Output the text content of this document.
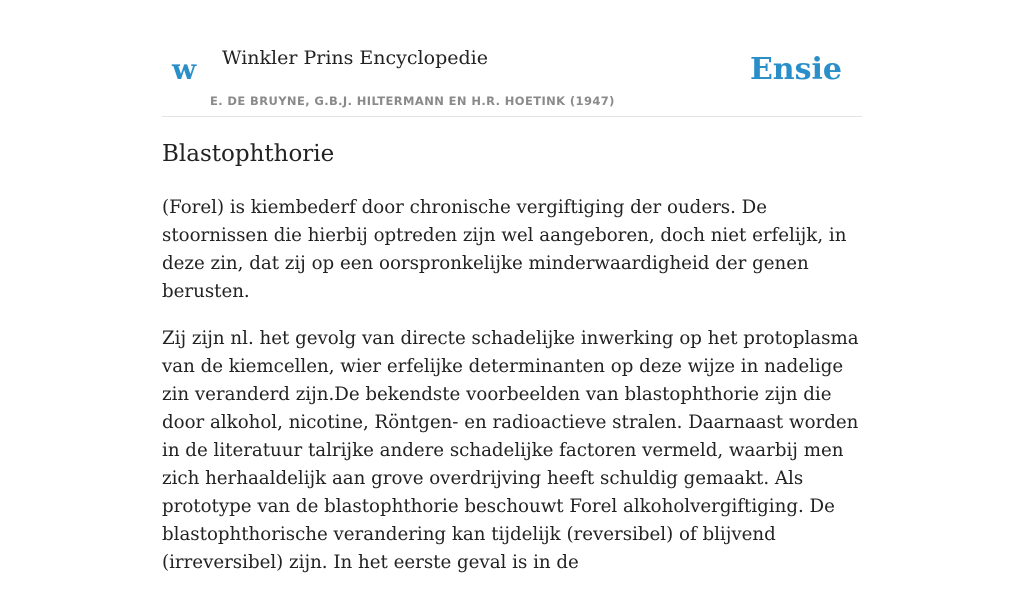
w Winkler Prins Encyclopedie
E. DE BRUYNE, G.B.J. HILTERMANN EN H.R. HOETINK (1947)
Ensie
Blastophthorie

(Forel) is kiembederf door chronische vergiftiging der ouders. De stoornissen die hierbij optreden zijn wel aangeboren, doch niet erfelijk, in deze zin, dat zij op een oorspronkelijke minderwaardigheid der genen berusten.

Zij zijn nl. het gevolg van directe schadelijke inwerking op het protoplasma van de kiemcellen, wier erfelijke determinanten op deze wijze in nadelige zin veranderd zijn.De bekendste voorbeelden van blastophthorie zijn die door alkohol, nicotine, Röntgen- en radioactieve stralen. Daarnaast worden in de literatuur talrijke andere schadelijke factoren vermeld, waarbij men zich herhaaldelijk aan grove overdrijving heeft schuldig gemaakt. Als prototype van de blastophthorie beschouwt Forel alkoholvergiftiging. De blastophthorische verandering kan tijdelijk (reversibel) of blijvend (irreversibel) zijn. In het eerste geval is in de
